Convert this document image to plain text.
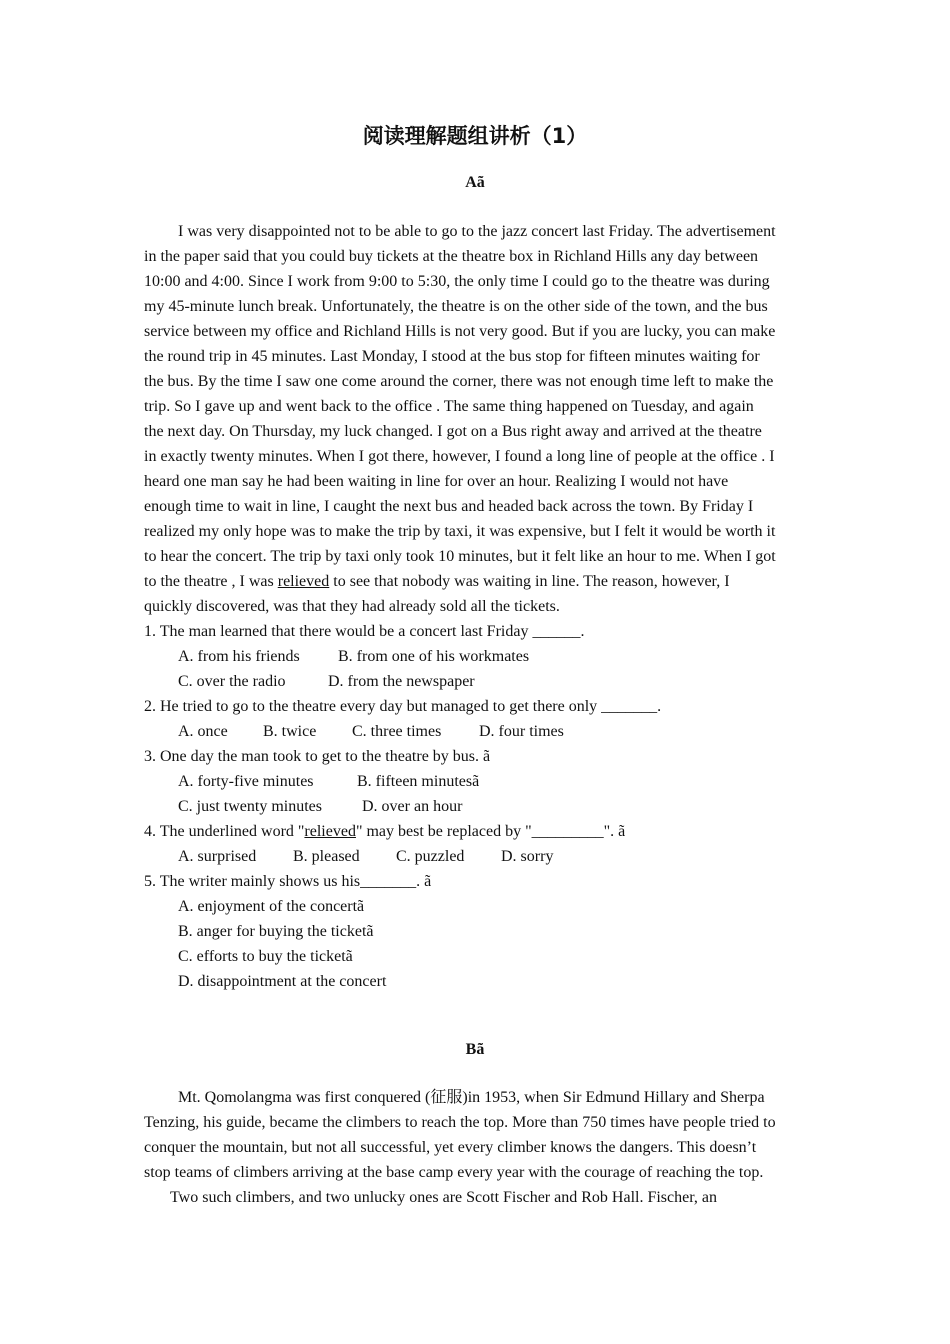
阅读理解题组讲析（1）
Aã
I was very disappointed not to be able to go to the jazz concert last Friday. The advertisement
in the paper said that you could buy tickets at the theatre box in Richland Hills any day between
10:00 and 4:00. Since I work from 9:00 to 5:30, the only time I could go to the theatre was during
my 45-minute lunch break. Unfortunately, the theatre is on the other side of the town, and the bus
service between my office and Richland Hills is not very good. But if you are lucky, you can make
the round trip in 45 minutes. Last Monday, I stood at the bus stop for fifteen minutes waiting for
the bus. By the time I saw one come around the corner, there was not enough time left to make the
trip. So I gave up and went back to the office . The same thing happened on Tuesday, and again
the next day. On Thursday, my luck changed. I got on a Bus right away and arrived at the theatre
in exactly twenty minutes. When I got there, however, I found a long line of people at the office . I
heard one man say he had been waiting in line for over an hour. Realizing I would not have
enough time to wait in line, I caught the next bus and headed back across the town. By Friday I
realized my only hope was to make the trip by taxi, it was expensive, but I felt it would be worth it
to hear the concert. The trip by taxi only took 10 minutes, but it felt like an hour to me. When I got
to the theatre , I was relieved to see that nobody was waiting in line. The reason, however, I
quickly discovered, was that they had already sold all the tickets.
1. The man learned that there would be a concert last Friday ______.
A. from his friends B. from one of his workmates
C. over the radio	D. from the newspaper
2. He tried to go to the theatre every day but managed to get there only _______.
A. once B. twice C. three times D. four times
3. One day the man took to get to the theatre by bus. ã
A. forty-five minutes	B. fifteen minutesã
C. just twenty minutes	D. over an hour
4. The underlined word "relieved" may best be replaced by "_________". ã
A. surprised B. pleased C. puzzled D. sorry
5. The writer mainly shows us his_______. ã
A. enjoyment of the concertã
B. anger for buying the ticketã
C. efforts to buy the ticketã
D. disappointment at the concert
Bã
Mt. Qomolangma was first conquered (征服)in 1953, when Sir Edmund Hillary and Sherpa
Tenzing, his guide, became the climbers to reach the top. More than 750 times have people tried to
conquer the mountain, but not all successful, yet every climber knows the dangers. This doesn’t
stop teams of climbers arriving at the base camp every year with the courage of reaching the top.
Two such climbers, and two unlucky ones are Scott Fischer and Rob Hall. Fischer, an
